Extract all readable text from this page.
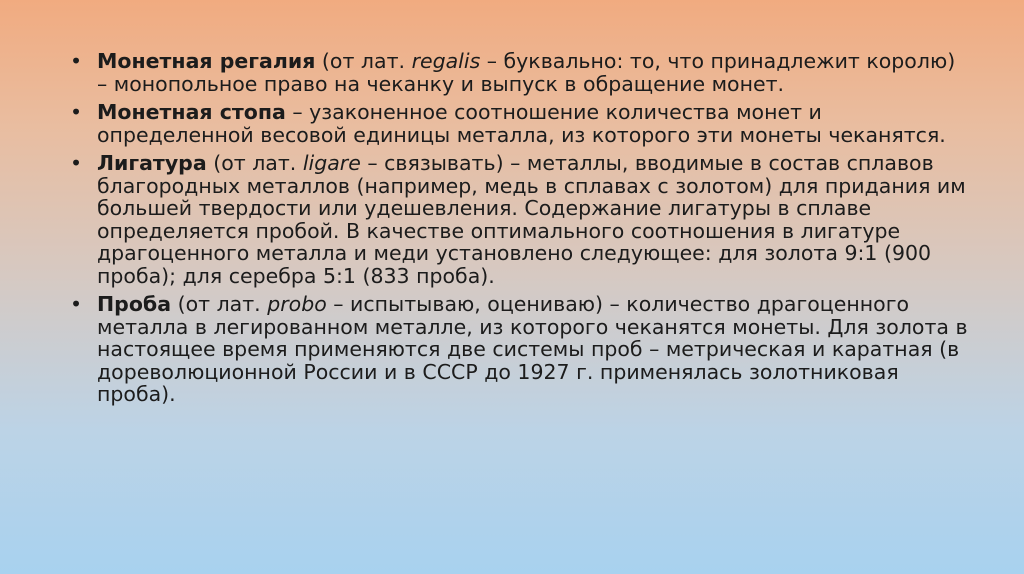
• Монетная регалия (от лат. regalis – буквально: то, что принадлежит королю) – монопольное право на чеканку и выпуск в обращение монет.
• Монетная стопа – узаконенное соотношение количества монет и определенной весовой единицы металла, из которого эти монеты чеканятся.
• Лигатура (от лат. ligare – связывать) – металлы, вводимые в состав сплавов благородных металлов (например, медь в сплавах с золотом) для придания им большей твердости или удешевления. Содержание лигатуры в сплаве определяется пробой. В качестве оптимального соотношения в лигатуре драгоценного металла и меди установлено следующее: для золота 9:1 (900 проба); для серебра 5:1 (833 проба).
• Проба (от лат. probo – испытываю, оцениваю) – количество драгоценного металла в легированном металле, из которого чеканятся монеты. Для золота в настоящее время применяются две системы проб – метрическая и каратная (в дореволюционной России и в СССР до 1927 г. применялась золотниковая проба).
